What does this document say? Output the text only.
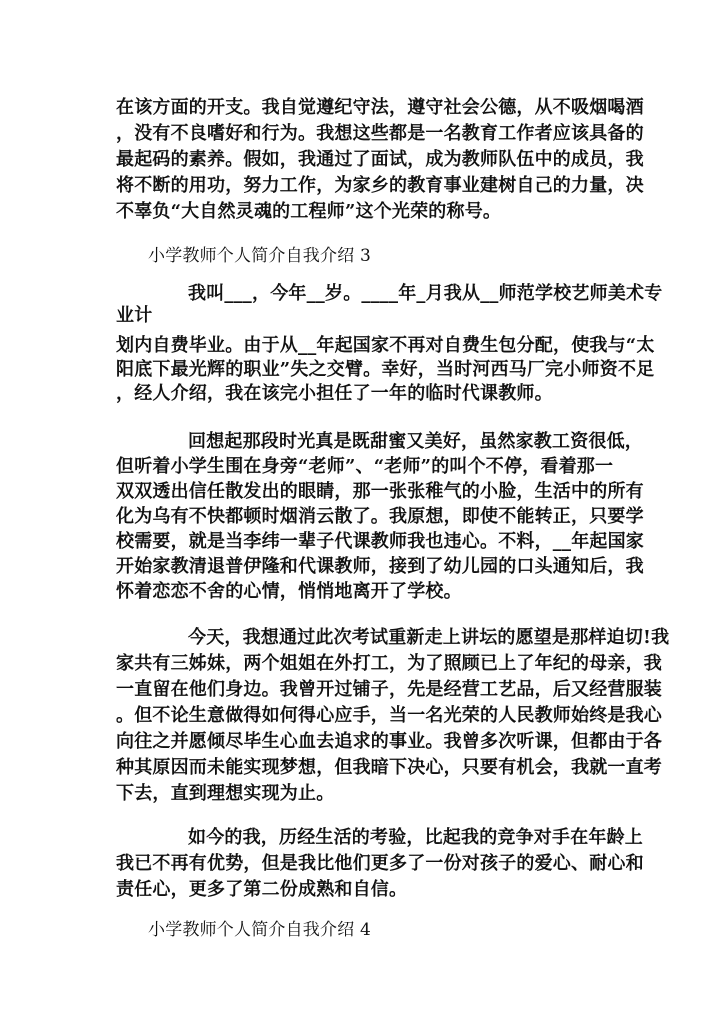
在该方面的开支。我自觉遵纪守法，遵守社会公德，从不吸烟喝酒
，没有不良嗜好和行为。我想这些都是一名教育工作者应该具备的
最起码的素养。假如，我通过了面试，成为教师队伍中的成员，我
将不断的用功，努力工作，为家乡的教育事业建树自己的力量，决
不辜负“大自然灵魂的工程师”这个光荣的称号。
小学教师个人简介自我介绍 3
我叫___，今年__岁。____年_月我从__师范学校艺师美术专
业计
划内自费毕业。由于从__年起国家不再对自费生包分配，使我与“太
阳底下最光辉的职业”失之交臂。幸好，当时河西马厂完小师资不足
，经人介绍，我在该完小担任了一年的临时代课教师。
回想起那段时光真是既甜蜜又美好，虽然家教工资很低，
但听着小学生围在身旁“老师”、“老师”的叫个不停，看着那一
双双透出信任散发出的眼睛，那一张张稚气的小脸，生活中的所有
化为乌有不快都顿时烟消云散了。我原想，即使不能转正，只要学
校需要，就是当李纬一辈子代课教师我也违心。不料，__年起国家
开始家教清退普伊隆和代课教师，接到了幼儿园的口头通知后，我
怀着恋恋不舍的心情，悄悄地离开了学校。
今天，我想通过此次考试重新走上讲坛的愿望是那样迫切!我
家共有三姊妹，两个姐姐在外打工，为了照顾已上了年纪的母亲，我
一直留在他们身边。我曾开过铺子，先是经营工艺品，后又经营服装
。但不论生意做得如何得心应手，当一名光荣的人民教师始终是我心
向往之并愿倾尽毕生心血去追求的事业。我曾多次听课，但都由于各
种其原因而未能实现梦想，但我暗下决心，只要有机会，我就一直考
下去，直到理想实现为止。
如今的我，历经生活的考验，比起我的竞争对手在年龄上
我已不再有优势，但是我比他们更多了一份对孩子的爱心、耐心和
责任心，更多了第二份成熟和自信。
小学教师个人简介自我介绍 4
